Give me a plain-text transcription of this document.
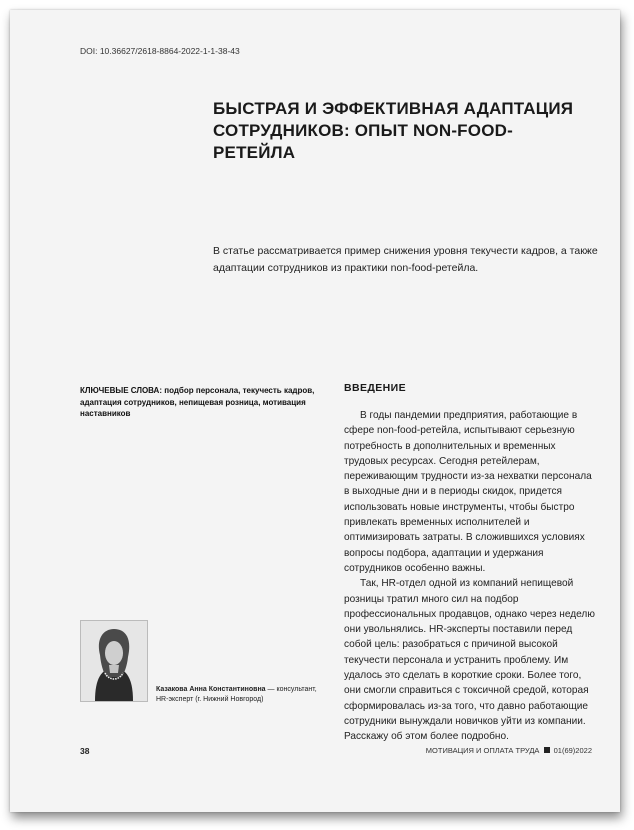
DOI: 10.36627/2618-8864-2022-1-1-38-43
БЫСТРАЯ И ЭФФЕКТИВНАЯ АДАПТАЦИЯ СОТРУДНИКОВ: ОПЫТ NON-FOOD-РЕТЕЙЛА

В статье рассматривается пример снижения уровня текучести кадров, а также адаптации сотрудников из практики non-food-ретейла.

КЛЮЧЕВЫЕ СЛОВА: подбор персонала, текучесть кадров, адаптация сотрудников, непищевая розница, мотивация наставников

ВВЕДЕНИЕ

В годы пандемии предприятия, работающие в сфере non-food-ретейла, испытывают серьезную потребность в дополнительных и временных трудовых ресурсах. Сегодня ретейлерам, переживающим трудности из-за нехватки персонала в выходные дни и в периоды скидок, придется использовать новые инструменты, чтобы быстро привлекать временных исполнителей и оптимизировать затраты. В сложившихся условиях вопросы подбора, адаптации и удержания сотрудников особенно важны.

Так, HR-отдел одной из компаний непищевой розницы тратил много сил на подбор профессиональных продавцов, однако через неделю они увольнялись. HR-эксперты поставили перед собой цель: разобраться с причиной высокой текучести персонала и устранить проблему. Им удалось это сделать в короткие сроки. Более того, они смогли справиться с токсичной средой, которая сформировалась из-за того, что давно работающие сотрудники вынуждали новичков уйти из компании. Расскажу об этом более подробно.

Казакова Анна Константиновна — консультант, HR-эксперт (г. Нижний Новгород)

38	МОТИВАЦИЯ И ОПЛАТА ТРУДА 01(69)2022
